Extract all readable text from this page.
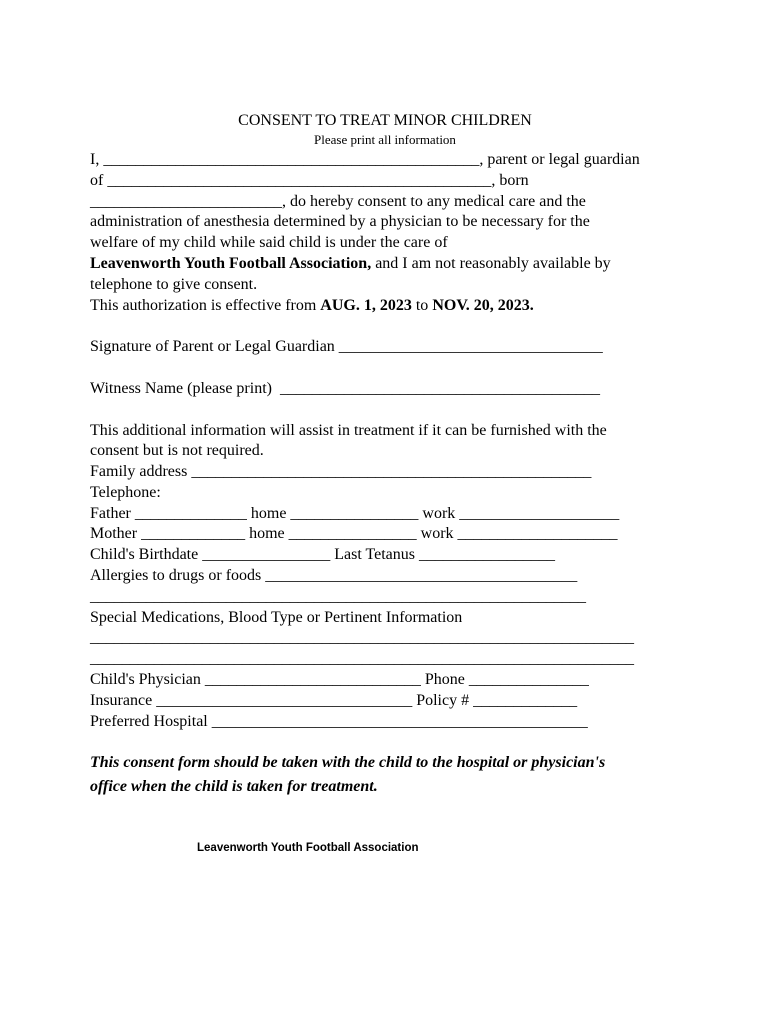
CONSENT TO TREAT MINOR CHILDREN
Please print all information
I, _______________________________________________, parent or legal guardian
of ________________________________________________, born
________________________, do hereby consent to any medical care and the
administration of anesthesia determined by a physician to be necessary for the
welfare of my child while said child is under the care of
Leavenworth Youth Football Association, and I am not reasonably available by
telephone to give consent.
This authorization is effective from AUG. 1, 2023 to NOV. 20, 2023.
Signature of Parent or Legal Guardian _________________________________
Witness Name (please print)  ________________________________________
This additional information will assist in treatment if it can be furnished with the
consent but is not required.
Family address __________________________________________________
Telephone:
Father ______________ home ________________ work ____________________
Mother _____________ home ________________ work ____________________
Child's Birthdate ________________ Last Tetanus _________________
Allergies to drugs or foods _______________________________________
______________________________________________________________
Special Medications, Blood Type or Pertinent Information
____________________________________________________________________
____________________________________________________________________
Child's Physician ___________________________ Phone _______________
Insurance ________________________________ Policy # _____________
Preferred Hospital _______________________________________________
This consent form should be taken with the child to the hospital or physician's
office when the child is taken for treatment.
Leavenworth Youth Football Association
